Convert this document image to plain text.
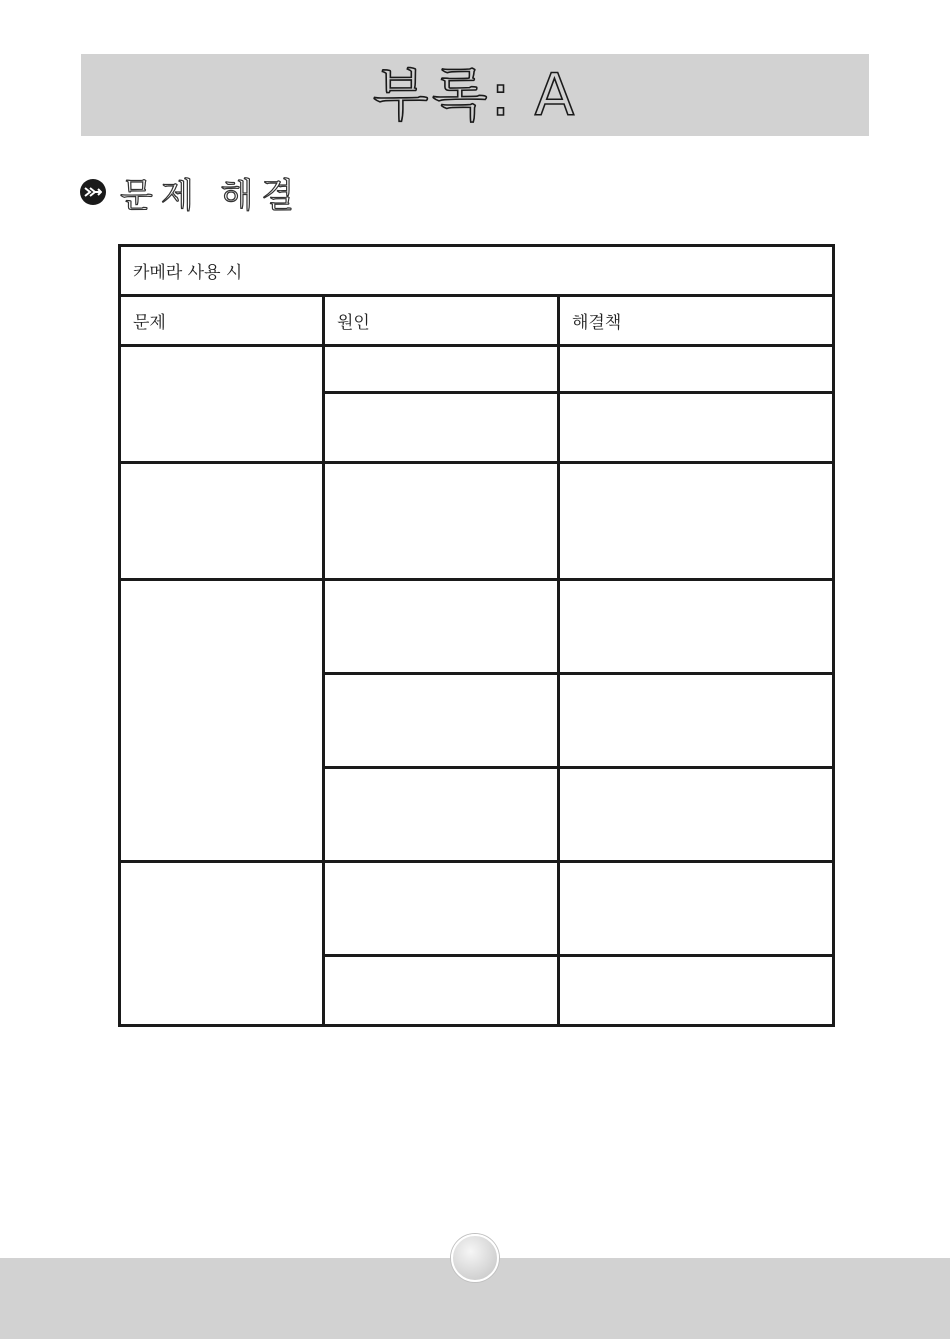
부록: A
문제 해결
카메라 사용 시		
문제	원인	해결책
